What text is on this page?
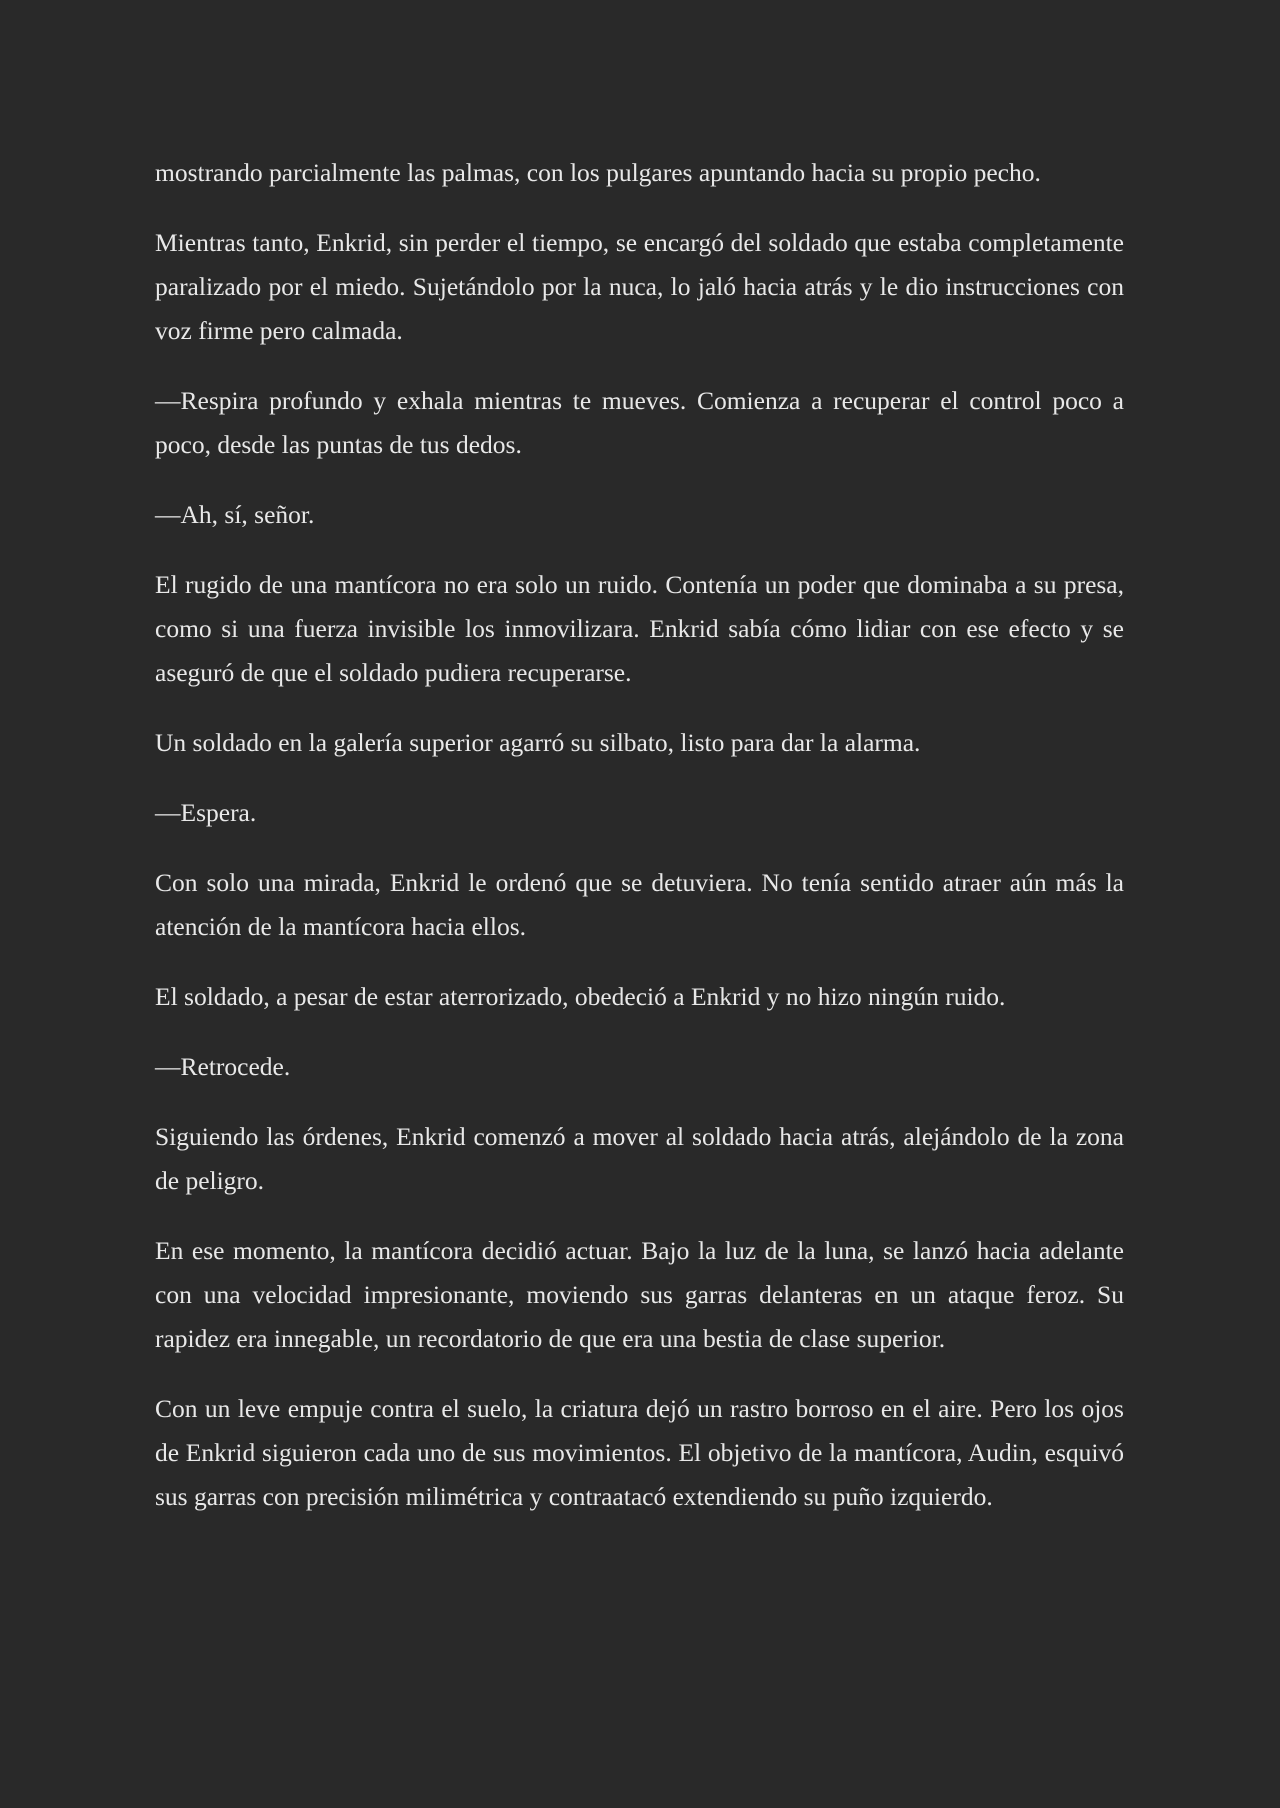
mostrando parcialmente las palmas, con los pulgares apuntando hacia su propio pecho.

Mientras tanto, Enkrid, sin perder el tiempo, se encargó del soldado que estaba completamente paralizado por el miedo. Sujetándolo por la nuca, lo jaló hacia atrás y le dio instrucciones con voz firme pero calmada.

—Respira profundo y exhala mientras te mueves. Comienza a recuperar el control poco a poco, desde las puntas de tus dedos.

—Ah, sí, señor.

El rugido de una mantícora no era solo un ruido. Contenía un poder que dominaba a su presa, como si una fuerza invisible los inmovilizara. Enkrid sabía cómo lidiar con ese efecto y se aseguró de que el soldado pudiera recuperarse.

Un soldado en la galería superior agarró su silbato, listo para dar la alarma.

—Espera.

Con solo una mirada, Enkrid le ordenó que se detuviera. No tenía sentido atraer aún más la atención de la mantícora hacia ellos.

El soldado, a pesar de estar aterrorizado, obedeció a Enkrid y no hizo ningún ruido.

—Retrocede.

Siguiendo las órdenes, Enkrid comenzó a mover al soldado hacia atrás, alejándolo de la zona de peligro.

En ese momento, la mantícora decidió actuar. Bajo la luz de la luna, se lanzó hacia adelante con una velocidad impresionante, moviendo sus garras delanteras en un ataque feroz. Su rapidez era innegable, un recordatorio de que era una bestia de clase superior.

Con un leve empuje contra el suelo, la criatura dejó un rastro borroso en el aire. Pero los ojos de Enkrid siguieron cada uno de sus movimientos. El objetivo de la mantícora, Audin, esquivó sus garras con precisión milimétrica y contraatacó extendiendo su puño izquierdo.
